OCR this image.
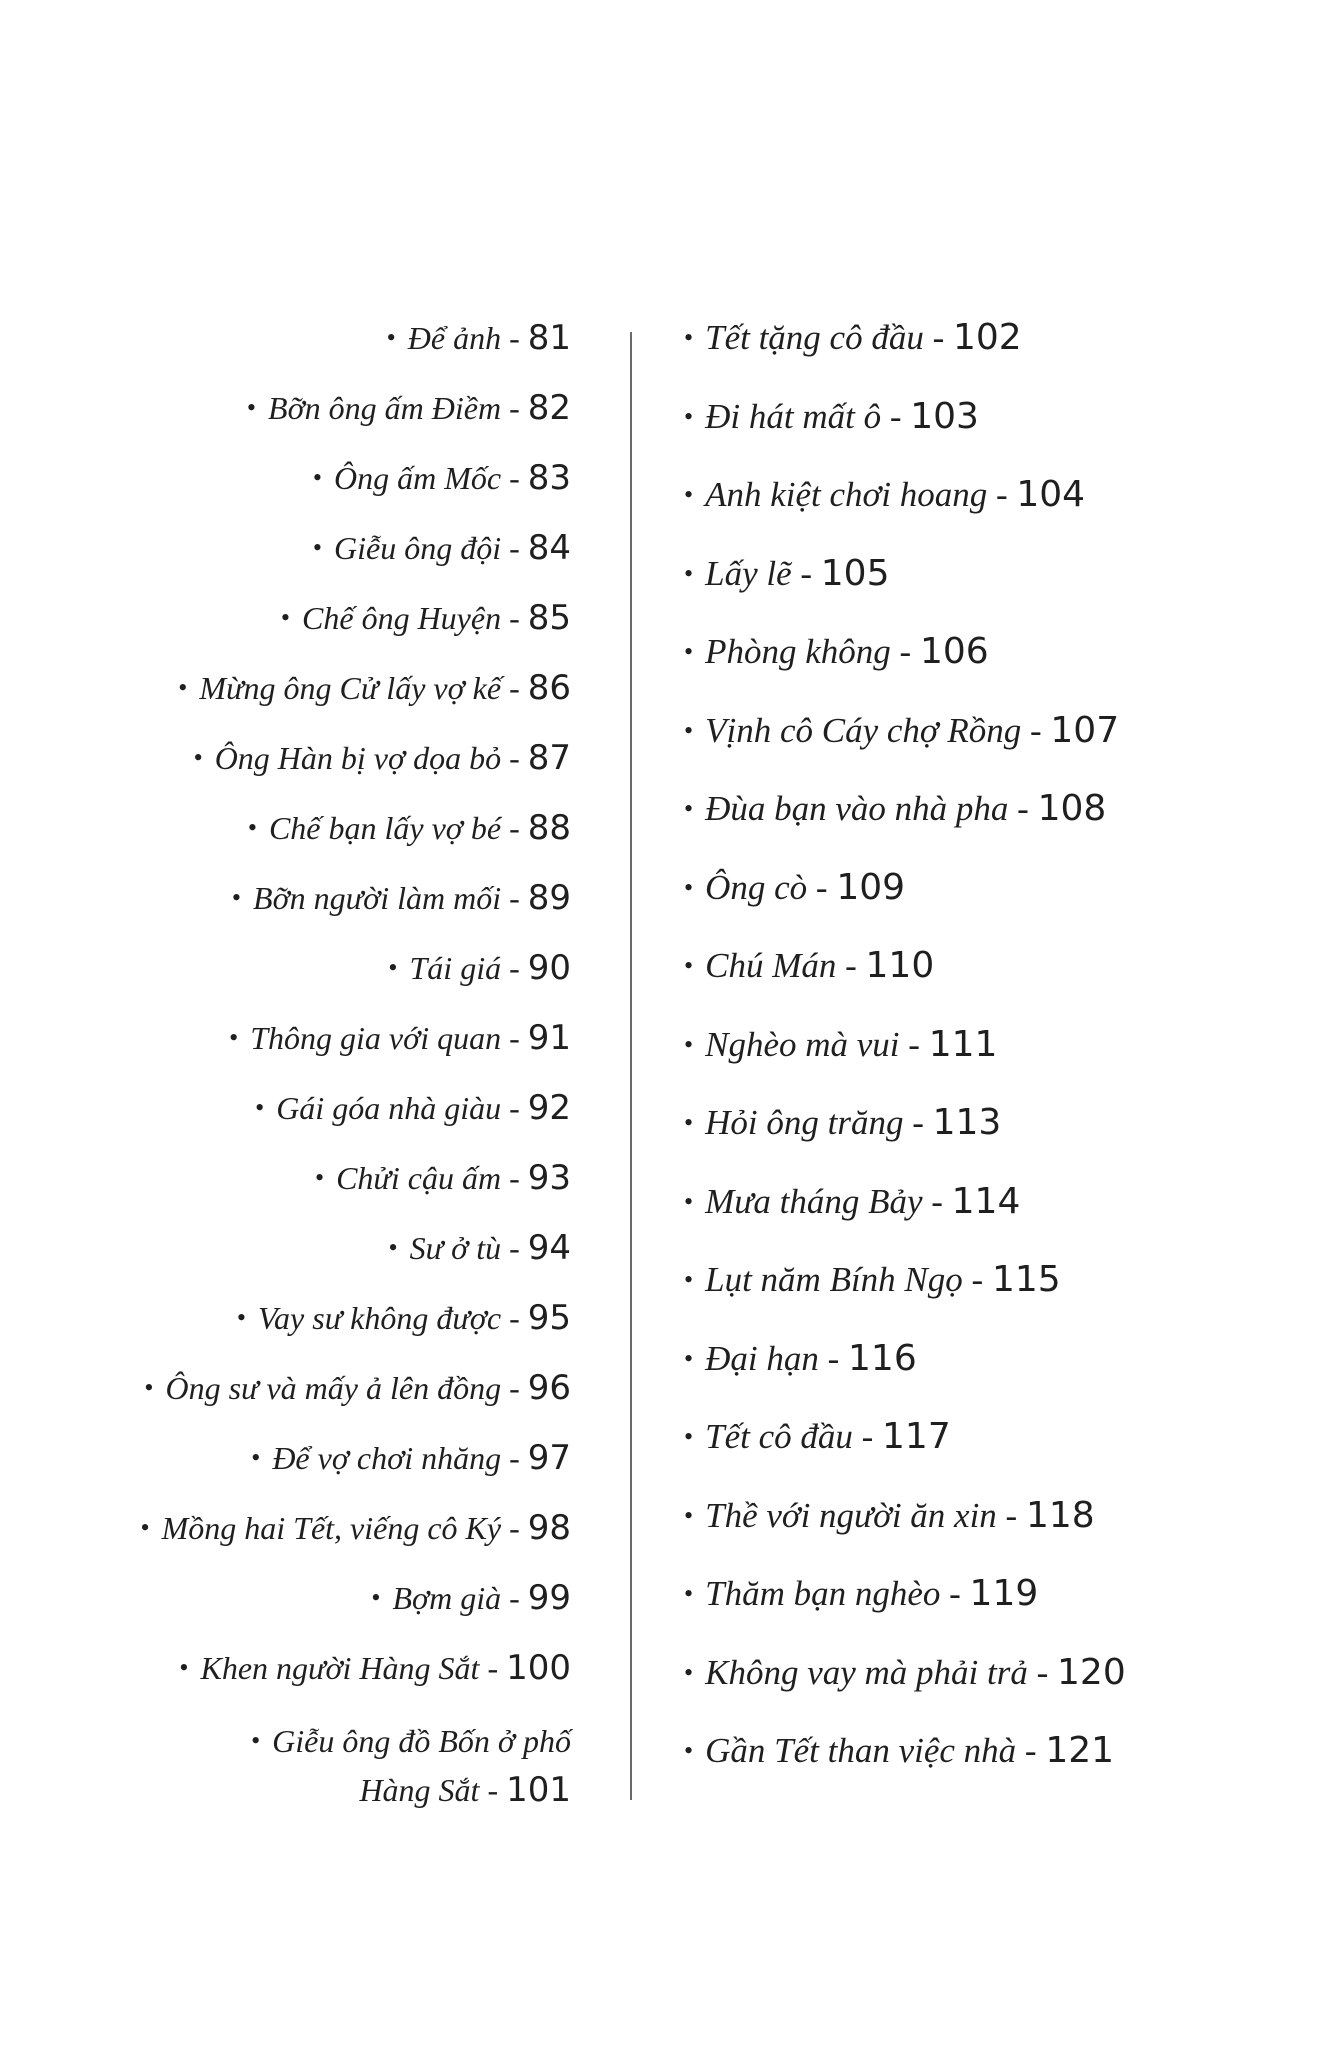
• Để ảnh - 81
• Bỡn ông ấm Điềm - 82
• Ông ấm Mốc - 83
• Giễu ông đội - 84
• Chế ông Huyện - 85
• Mừng ông Cử lấy vợ kế - 86
• Ông Hàn bị vợ dọa bỏ - 87
• Chế bạn lấy vợ bé - 88
• Bỡn người làm mối - 89
• Tái giá - 90
• Thông gia với quan - 91
• Gái góa nhà giàu - 92
• Chửi cậu ấm - 93
• Sư ở tù - 94
• Vay sư không được - 95
• Ông sư và mấy ả lên đồng - 96
• Để vợ chơi nhăng - 97
• Mồng hai Tết, viếng cô Ký - 98
• Bợm già - 99
• Khen người Hàng Sắt - 100
• Giễu ông đồ Bốn ở phố
Hàng Sắt - 101
• Tết tặng cô đầu - 102
• Đi hát mất ô - 103
• Anh kiệt chơi hoang - 104
• Lấy lẽ - 105
• Phòng không - 106
• Vịnh cô Cáy chợ Rồng - 107
• Đùa bạn vào nhà pha - 108
• Ông cò - 109
• Chú Mán - 110
• Nghèo mà vui - 111
• Hỏi ông trăng - 113
• Mưa tháng Bảy - 114
• Lụt năm Bính Ngọ - 115
• Đại hạn - 116
• Tết cô đầu - 117
• Thề với người ăn xin - 118
• Thăm bạn nghèo - 119
• Không vay mà phải trả - 120
• Gần Tết than việc nhà - 121
